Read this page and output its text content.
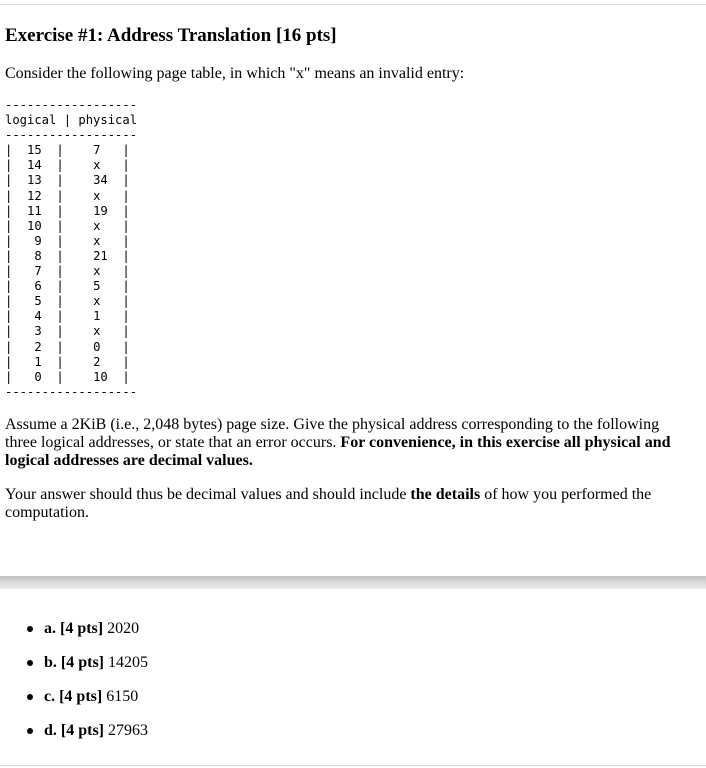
Exercise #1: Address Translation [16 pts]

Consider the following page table, in which "x" means an invalid entry:

------------------
logical | physical
------------------
|  15  |    7   |
|  14  |    x   |
|  13  |    34  |
|  12  |    x   |
|  11  |    19  |
|  10  |    x   |
|   9  |    x   |
|   8  |    21  |
|   7  |    x   |
|   6  |    5   |
|   5  |    x   |
|   4  |    1   |
|   3  |    x   |
|   2  |    0   |
|   1  |    2   |
|   0  |    10  |
------------------

Assume a 2KiB (i.e., 2,048 bytes) page size. Give the physical address corresponding to the following three logical addresses, or state that an error occurs. For convenience, in this exercise all physical and logical addresses are decimal values.

Your answer should thus be decimal values and should include the details of how you performed the computation.

a. [4 pts] 2020
b. [4 pts] 14205
c. [4 pts] 6150
d. [4 pts] 27963
